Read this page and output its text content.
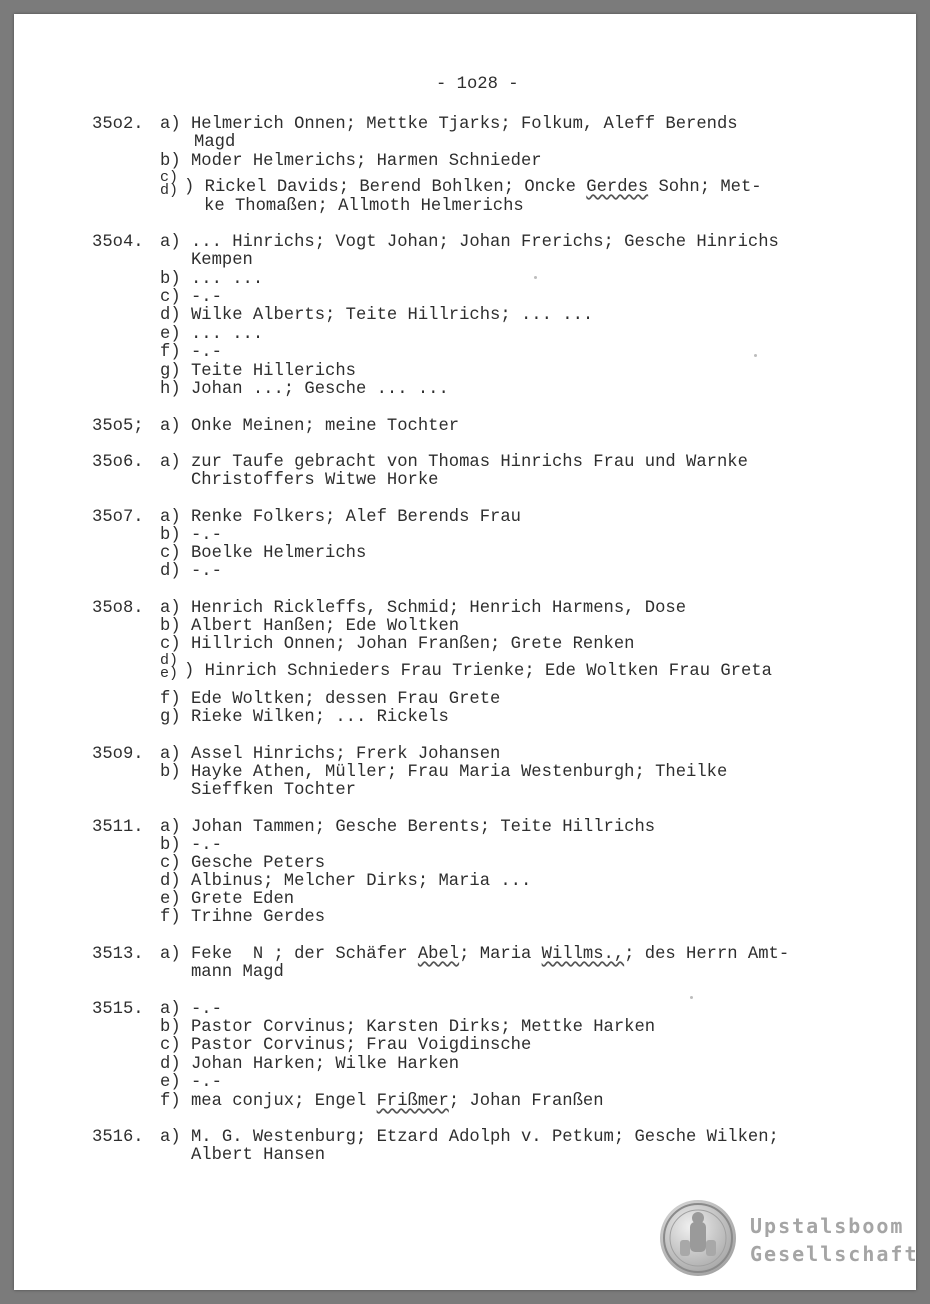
- 1o28 -
35o2. a) Helmerich Onnen; Mettke Tjarks; Folkum, Aleff Berends
Magd
b) Moder Helmerichs; Harmen Schnieder
c)
d) ) Rickel Davids; Berend Bohlken; Oncke Gerdes Sohn; Met-
ke Thomaßen; Allmoth Helmerichs
35o4. a) ... Hinrichs; Vogt Johan; Johan Frerichs; Gesche Hinrichs
Kempen
b) ... ...
c) -.-
d) Wilke Alberts; Teite Hillrichs; ... ...
e) ... ...
f) -.-
g) Teite Hillerichs
h) Johan ...; Gesche ... ...
35o5; a) Onke Meinen; meine Tochter
35o6. a) zur Taufe gebracht von Thomas Hinrichs Frau und Warnke
Christoffers Witwe Horke
35o7. a) Renke Folkers; Alef Berends Frau
b) -.-
c) Boelke Helmerichs
d) -.-
35o8. a) Henrich Rickleffs, Schmid; Henrich Harmens, Dose
b) Albert Hanßen; Ede Woltken
c) Hillrich Onnen; Johan Franßen; Grete Renken
d)
e) ) Hinrich Schnieders Frau Trienke; Ede Woltken Frau Greta
f) Ede Woltken; dessen Frau Grete
g) Rieke Wilken; ... Rickels
35o9. a) Assel Hinrichs; Frerk Johansen
b) Hayke Athen, Müller; Frau Maria Westenburgh; Theilke
Sieffken Tochter
3511. a) Johan Tammen; Gesche Berents; Teite Hillrichs
b) -.-
c) Gesche Peters
d) Albinus; Melcher Dirks; Maria ...
e) Grete Eden
f) Trihne Gerdes
3513. a) Feke  N ; der Schäfer Abel; Maria Willms.,; des Herrn Amt-
mann Magd
3515. a) -.-
b) Pastor Corvinus; Karsten Dirks; Mettke Harken
c) Pastor Corvinus; Frau Voigdinsche
d) Johan Harken; Wilke Harken
e) -.-
f) mea conjux; Engel Frißmer; Johan Franßen
3516. a) M. G. Westenburg; Etzard Adolph v. Petkum; Gesche Wilken;
Albert Hansen
Upstalsboom
Gesellschaft
